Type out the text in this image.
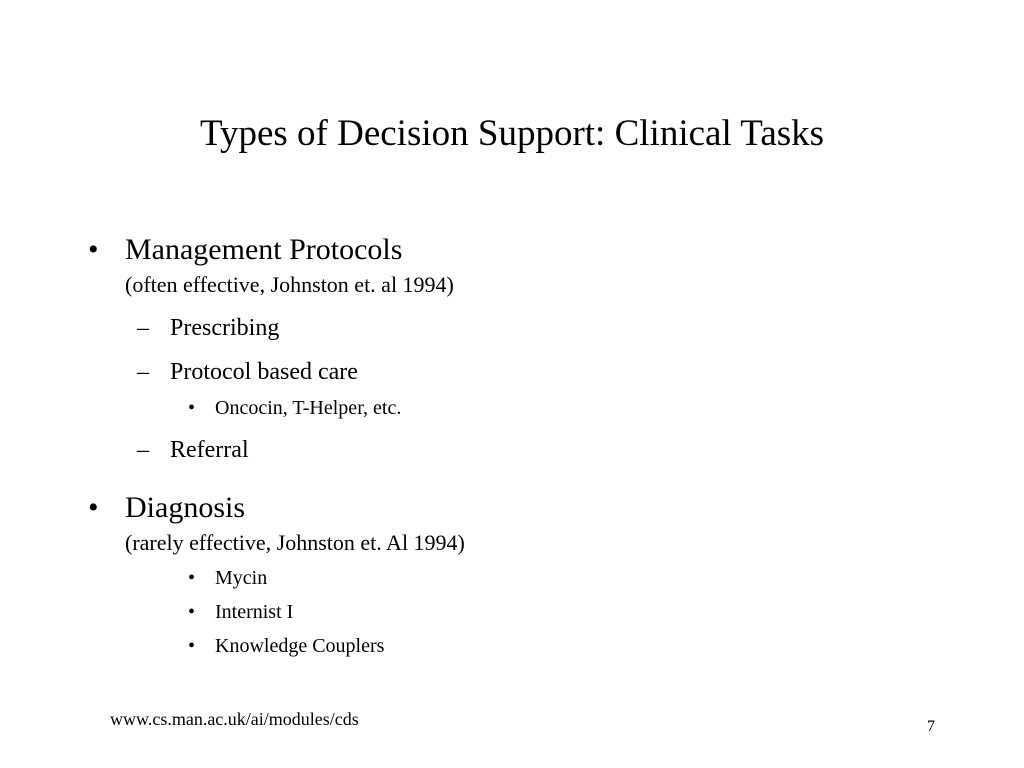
Types of Decision Support: Clinical Tasks
• Management Protocols
(often effective, Johnston et. al 1994)
– Prescribing
– Protocol based care
• Oncocin, T-Helper, etc.
– Referral
• Diagnosis
(rarely effective, Johnston et. Al 1994)
• Mycin
• Internist I
• Knowledge Couplers
www.cs.man.ac.uk/ai/modules/cds	7
